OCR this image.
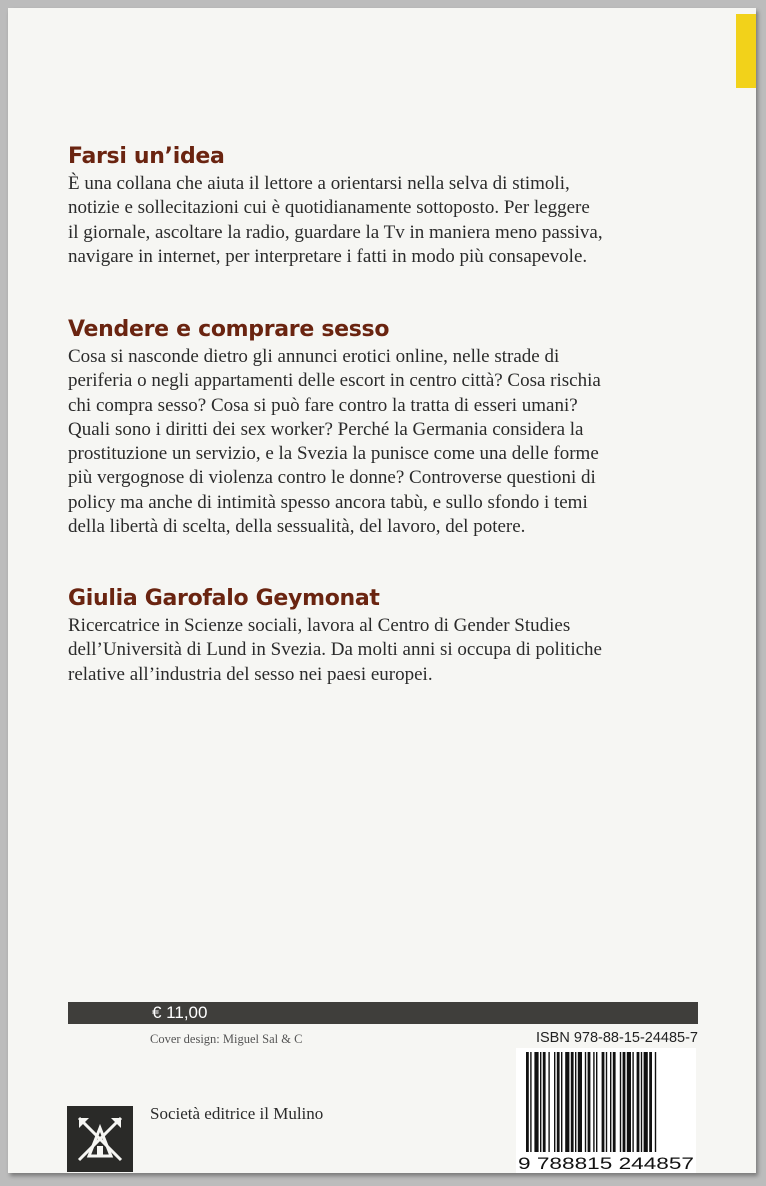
Farsi un’idea

È una collana che aiuta il lettore a orientarsi nella selva di stimoli,
notizie e sollecitazioni cui è quotidianamente sottoposto. Per leggere
il giornale, ascoltare la radio, guardare la Tv in maniera meno passiva,
navigare in internet, per interpretare i fatti in modo più consapevole.

Vendere e comprare sesso

Cosa si nasconde dietro gli annunci erotici online, nelle strade di
periferia o negli appartamenti delle escort in centro città? Cosa rischia
chi compra sesso? Cosa si può fare contro la tratta di esseri umani?
Quali sono i diritti dei sex worker? Perché la Germania considera la
prostituzione un servizio, e la Svezia la punisce come una delle forme
più vergognose di violenza contro le donne? Controverse questioni di
policy ma anche di intimità spesso ancora tabù, e sullo sfondo i temi
della libertà di scelta, della sessualità, del lavoro, del potere.

Giulia Garofalo Geymonat

Ricercatrice in Scienze sociali, lavora al Centro di Gender Studies
dell’Università di Lund in Svezia. Da molti anni si occupa di politiche
relative all’industria del sesso nei paesi europei.

€ 11,00
Cover design: Miguel Sal & C	ISBN 978-88-15-24485-7
9 788815 244857
Società editrice il Mulino
